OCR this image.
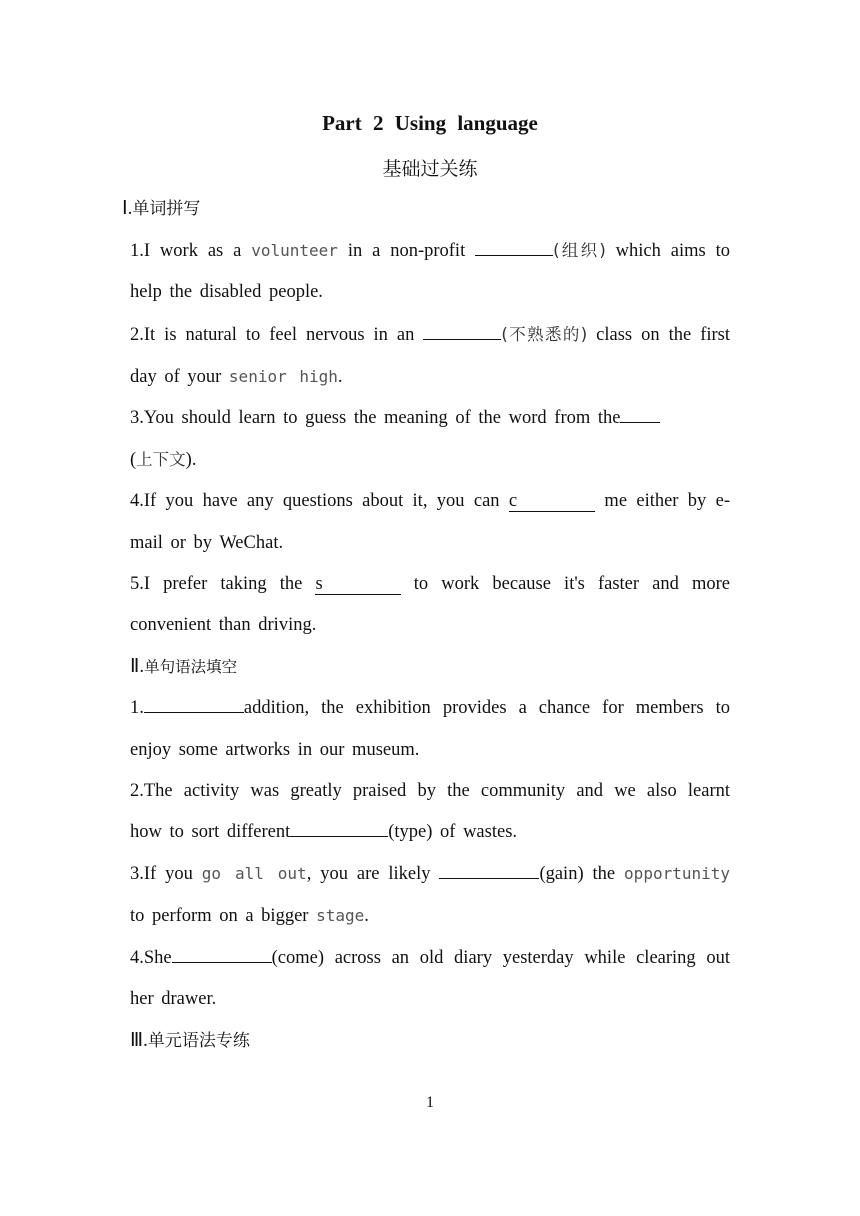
Part 2 Using language
基础过关练
Ⅰ.单词拼写
1.I work as a volunteer in a non-profit	(组织) which aims to help the disabled people.
2.It is natural to feel nervous in an	(不熟悉的) class on the first day of your senior high.
3.You should learn to guess the meaning of the word from the
(上下文).
4.If you have any questions about it, you can c	me either by e-mail or by WeChat.
5.I prefer taking the s	to work because it's faster and more convenient than driving.
Ⅱ.单句语法填空
1.	addition, the exhibition provides a chance for members to enjoy some artworks in our museum.
2.The activity was greatly praised by the community and we also learnt how to sort different	(type) of wastes.
3.If you go all out, you are likely	(gain) the opportunity to perform on a bigger stage.
4.She	(come) across an old diary yesterday while clearing out her drawer.
Ⅲ.单元语法专练
1
